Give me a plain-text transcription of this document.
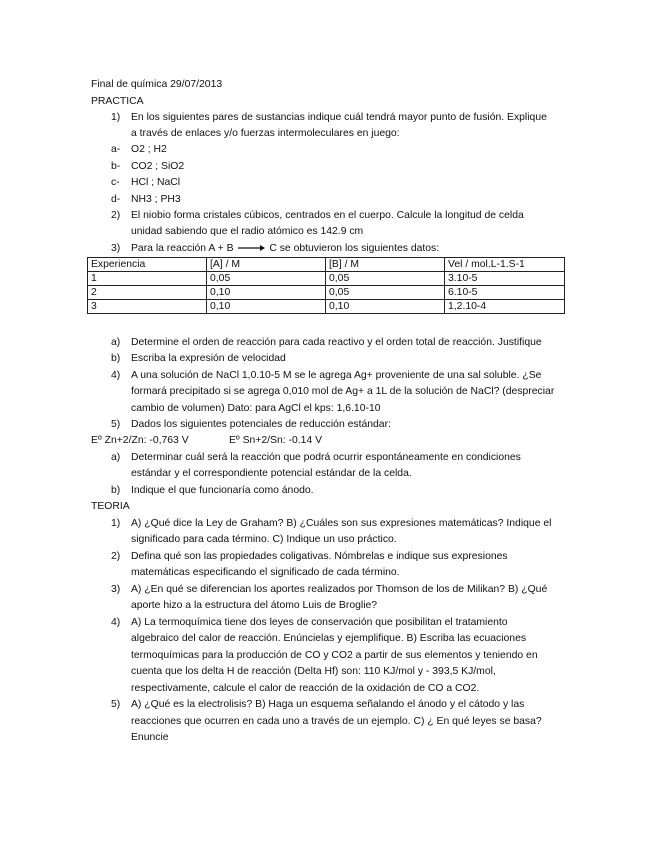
Final de química 29/07/2013
PRACTICA
1)	En los siguientes pares de sustancias indique cuál tendrá mayor punto de fusión. Explique
a través de enlaces y/o fuerzas intermoleculares en juego:
a- O2 ; H2
b- CO2 ; SiO2
c- HCl ; NaCl
d- NH3 ; PH3
2)	El niobio forma cristales cúbicos, centrados en el cuerpo. Calcule la longitud de celda
unidad sabiendo que el radio atómico es 142.9 cm
3)	Para la reacción A + B → C se obtuvieron los siguientes datos:
Experiencia	[A] / M	[B] / M	Vel / mol.L-1.S-1
1	0,05	0,05	3.10-5
2	0,10	0,05	6.10-5
3	0,10	0,10	1,2.10-4
a) Determine el orden de reacción para cada reactivo y el orden total de reacción. Justifique
b) Escriba la expresión de velocidad
4)	A una solución de NaCl 1,0.10-5 M se le agrega Ag+ proveniente de una sal soluble. ¿Se
formará precipitado si se agrega 0,010 mol de Ag+ a 1L de la solución de NaCl? (despreciar
cambio de volumen) Dato: para AgCl el kps: 1,6.10-10
5)	Dados los siguientes potenciales de reducción estándar:
Eº Zn+2/Zn: -0,763 V	Eº Sn+2/Sn: -0.14 V
a) Determinar cuál será la reacción que podrá ocurrir espontáneamente en condiciones
estándar y el correspondiente potencial estándar de la celda.
b) Indique el que funcionaría como ánodo.
TEORIA
1)	A) ¿Qué dice la Ley de Graham? B) ¿Cuáles son sus expresiones matemáticas? Indique el
significado para cada término. C) Indique un uso práctico.
2)	Defina qué son las propiedades coligativas. Nómbrelas e indique sus expresiones
matemáticas especificando el significado de cada término.
3)	A) ¿En qué se diferencian los aportes realizados por Thomson de los de Milikan? B) ¿Qué
aporte hizo a la estructura del átomo Luis de Broglie?
4)	A) La termoquímica tiene dos leyes de conservación que posibilitan el tratamiento
algebraico del calor de reacción. Enúncielas y ejemplifique. B) Escriba las ecuaciones
termoquímicas para la producción de CO y CO2 a partir de sus elementos y teniendo en
cuenta que los delta H de reacción (Delta Hf) son: 110 KJ/mol y - 393,5 KJ/mol,
respectivamente, calcule el calor de reacción de la oxidación de CO a CO2.
5)	A) ¿Qué es la electrolisis? B) Haga un esquema señalando el ánodo y el cátodo y las
reacciones que ocurren en cada uno a través de un ejemplo. C) ¿ En qué leyes se basa?
Enuncie
